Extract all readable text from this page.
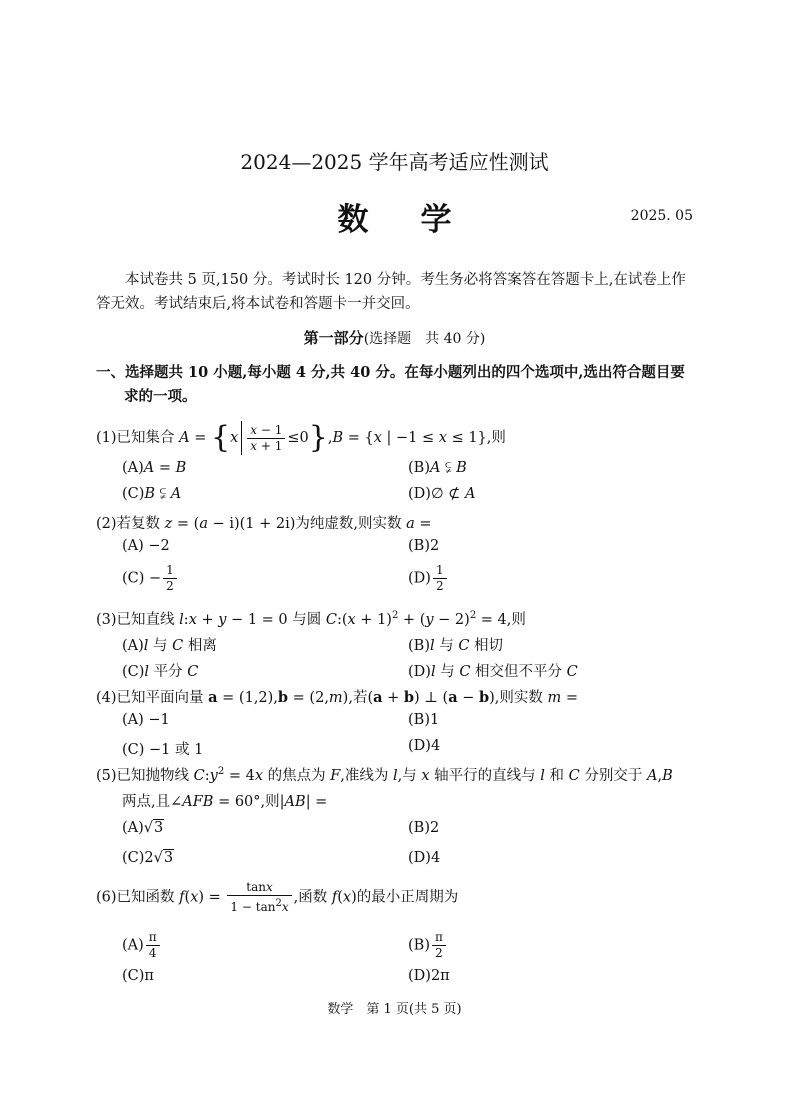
2024—2025 学年高考适应性测试
数学	2025. 05
本试卷共 5 页,150 分。考试时长 120 分钟。考生务必将答案答在答题卡上,在试卷上作答无效。考试结束后,将本试卷和答题卡一并交回。
第一部分(选择题　共 40 分)
一、选择题共 10 小题,每小题 4 分,共 40 分。在每小题列出的四个选项中,选出符合题目要
求的一项。
(1)已知集合 $A = \{x \frac{x - 1}{x + 1} \le 0\},B = \{x$ | −1 ≤ x ≤ 1},则
(A)A = B	(B)A ⫋ B
(C)B ⫋ A	(D)∅ ⊄ A
(2)若复数 z = (a − i)(1 + 2i)为纯虚数,则实数 a =
(A) −2	(B)2
$(C) - \frac{1}{2}$	$(D) \frac{1}{2}$
(3)已知直线 l:x + y − 1 = 0 与圆 C:(x + $1)^2 + (y - 2)^2 = 4$,则
(A)l 与 C 相离	(B)l 与 C 相切
(C)l 平分 C	(D)l 与 C 相交但不平分 C
(4)已知平面向量 a = (1,2),b = (2,m),若(a + b) ⊥ (a − b),则实数 m =
(A) −1	(B)1
(C) −1 或 1	(D)4
(5)已知抛物线 $C:y^2 = 4x$ 的焦点为 F,准线为 l,与 x 轴平行的直线与 l 和 C 分别交于 A,B
两点,且∠AFB = 60°,则|AB| =
(A)√3	(B)2
(C)2√3	(D)4
(6)已知函数 $f(x) = \frac{\tan x}{1 - \tan^2x}$ ,函数 f(x)的最小正周期为
$(A) \frac{\pi}{4}$	$(B) \frac{\pi}{2}$
(C)π	(D)2π
数学　第 1 页(共 5 页)
